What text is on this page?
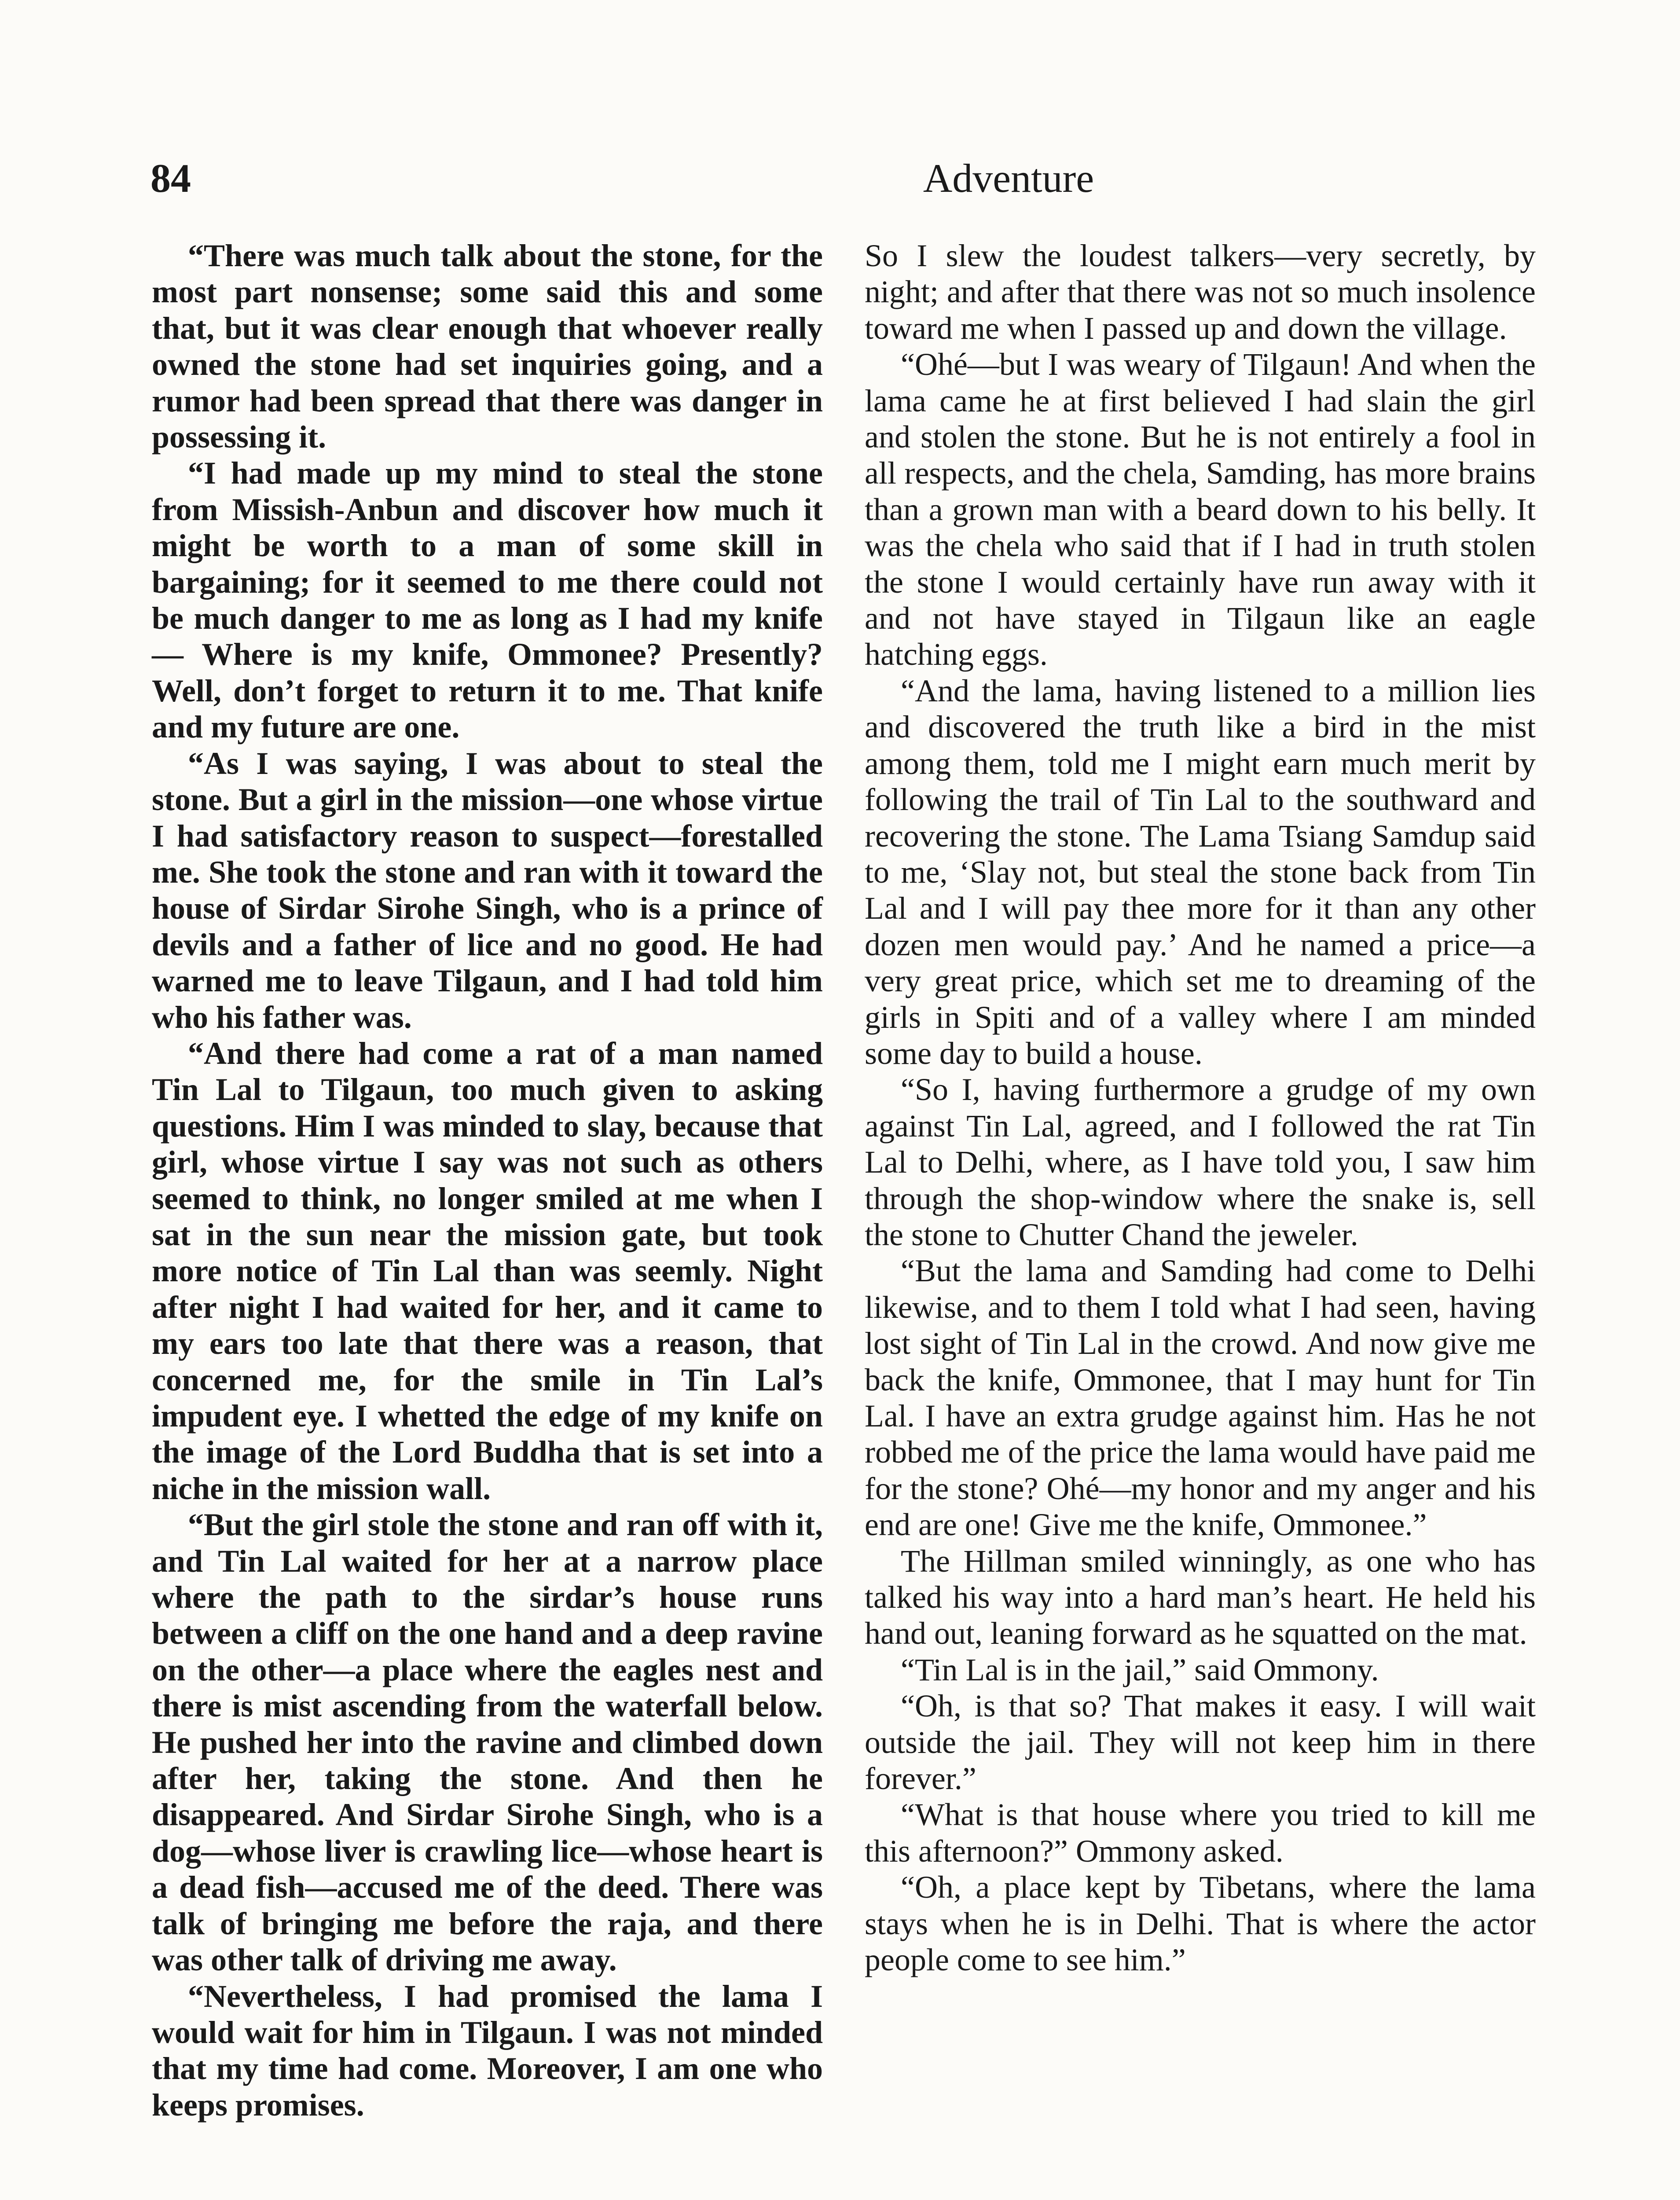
84	Adventure

“There was much talk about the stone, for the most part nonsense; some said this and some that, but it was clear enough that whoever really owned the stone had set inquiries going, and a rumor had been spread that there was danger in possessing it.

“I had made up my mind to steal the stone from Missish-Anbun and discover how much it might be worth to a man of some skill in bargaining; for it seemed to me there could not be much danger to me as long as I had my knife— Where is my knife, Ommonee? Presently? Well, don’t forget to return it to me. That knife and my future are one.

“As I was saying, I was about to steal the stone. But a girl in the mission—one whose virtue I had satisfactory reason to suspect—forestalled me. She took the stone and ran with it toward the house of Sirdar Sirohe Singh, who is a prince of devils and a father of lice and no good. He had warned me to leave Tilgaun, and I had told him who his father was.

“And there had come a rat of a man named Tin Lal to Tilgaun, too much given to asking questions. Him I was minded to slay, because that girl, whose virtue I say was not such as others seemed to think, no longer smiled at me when I sat in the sun near the mission gate, but took more notice of Tin Lal than was seemly. Night after night I had waited for her, and it came to my ears too late that there was a reason, that concerned me, for the smile in Tin Lal’s impudent eye. I whetted the edge of my knife on the image of the Lord Buddha that is set into a niche in the mission wall.

“But the girl stole the stone and ran off with it, and Tin Lal waited for her at a narrow place where the path to the sirdar’s house runs between a cliff on the one hand and a deep ravine on the other—a place where the eagles nest and there is mist ascending from the waterfall below. He pushed her into the ravine and climbed down after her, taking the stone. And then he disappeared. And Sirdar Sirohe Singh, who is a dog—whose liver is crawling lice—whose heart is a dead fish—accused me of the deed. There was talk of bringing me before the raja, and there was other talk of driving me away.

“Nevertheless, I had promised the lama I would wait for him in Tilgaun. I was not minded that my time had come. Moreover, I am one who keeps promises.

So I slew the loudest talkers—very secretly, by night; and after that there was not so much insolence toward me when I passed up and down the village.

“Ohé—but I was weary of Tilgaun! And when the lama came he at first believed I had slain the girl and stolen the stone. But he is not entirely a fool in all respects, and the chela, Samding, has more brains than a grown man with a beard down to his belly. It was the chela who said that if I had in truth stolen the stone I would certainly have run away with it and not have stayed in Tilgaun like an eagle hatching eggs.

“And the lama, having listened to a million lies and discovered the truth like a bird in the mist among them, told me I might earn much merit by following the trail of Tin Lal to the southward and recovering the stone. The Lama Tsiang Samdup said to me, ‘Slay not, but steal the stone back from Tin Lal and I will pay thee more for it than any other dozen men would pay.’ And he named a price—a very great price, which set me to dreaming of the girls in Spiti and of a valley where I am minded some day to build a house.

“So I, having furthermore a grudge of my own against Tin Lal, agreed, and I followed the rat Tin Lal to Delhi, where, as I have told you, I saw him through the shop-window where the snake is, sell the stone to Chutter Chand the jeweler.

“But the lama and Samding had come to Delhi likewise, and to them I told what I had seen, having lost sight of Tin Lal in the crowd. And now give me back the knife, Ommonee, that I may hunt for Tin Lal. I have an extra grudge against him. Has he not robbed me of the price the lama would have paid me for the stone? Ohé—my honor and my anger and his end are one! Give me the knife, Ommonee.”

The Hillman smiled winningly, as one who has talked his way into a hard man’s heart. He held his hand out, leaning forward as he squatted on the mat.

“Tin Lal is in the jail,” said Ommony.

“Oh, is that so? That makes it easy. I will wait outside the jail. They will not keep him in there forever.”

“What is that house where you tried to kill me this afternoon?” Ommony asked.

“Oh, a place kept by Tibetans, where the lama stays when he is in Delhi. That is where the actor people come to see him.”
